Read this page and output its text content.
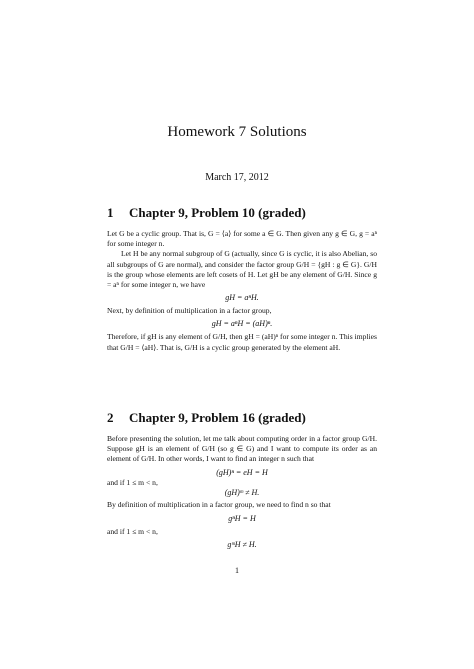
Homework 7 Solutions
March 17, 2012
1 Chapter 9, Problem 10 (graded)
Let G be a cyclic group. That is, G = ⟨a⟩ for some a ∈ G. Then given any g ∈ G, g = aⁿ for some integer n.
Let H be any normal subgroup of G (actually, since G is cyclic, it is also Abelian, so all subgroups of G are normal), and consider the factor group G/H = {gH : g ∈ G}. G/H is the group whose elements are left cosets of H. Let gH be any element of G/H. Since g = aⁿ for some integer n, we have
gH = aⁿH.
Next, by definition of multiplication in a factor group,
gH = aⁿH = (aH)ⁿ.
Therefore, if gH is any element of G/H, then gH = (aH)ⁿ for some integer n. This implies that G/H = ⟨aH⟩. That is, G/H is a cyclic group generated by the element aH.
2 Chapter 9, Problem 16 (graded)
Before presenting the solution, let me talk about computing order in a factor group G/H. Suppose gH is an element of G/H (so g ∈ G) and I want to compute its order as an element of G/H. In other words, I want to find an integer n such that
(gH)ⁿ = eH = H
and if 1 ≤ m < n,
(gH)ᵐ ≠ H.
By definition of multiplication in a factor group, we need to find n so that
gⁿH = H
and if 1 ≤ m < n,
gᵐH ≠ H.
1
